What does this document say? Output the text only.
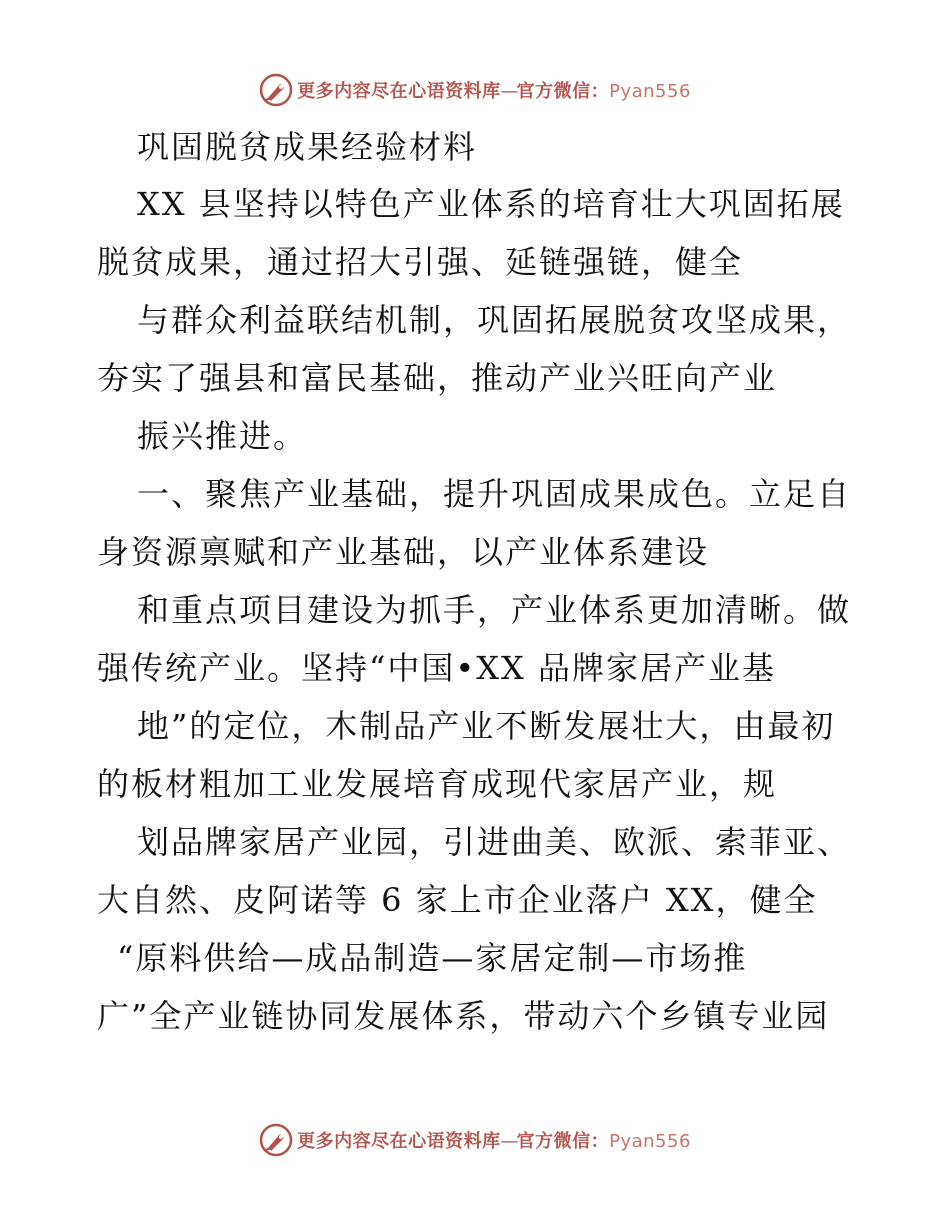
更多内容尽在心语资料库—官方微信：Pyan556
巩固脱贫成果经验材料
XX 县坚持以特色产业体系的培育壮大巩固拓展
脱贫成果，通过招大引强、延链强链，健全
与群众利益联结机制，巩固拓展脱贫攻坚成果，
夯实了强县和富民基础，推动产业兴旺向产业
振兴推进。
一、聚焦产业基础，提升巩固成果成色。立足自
身资源禀赋和产业基础，以产业体系建设
和重点项目建设为抓手，产业体系更加清晰。做
强传统产业。坚持“中国•XX 品牌家居产业基
地”的定位，木制品产业不断发展壮大，由最初
的板材粗加工业发展培育成现代家居产业，规
划品牌家居产业园，引进曲美、欧派、索菲亚、
大自然、皮阿诺等 6 家上市企业落户 XX，健全
“原料供给—成品制造—家居定制—市场推
广”全产业链协同发展体系，带动六个乡镇专业园
更多内容尽在心语资料库—官方微信：Pyan556
